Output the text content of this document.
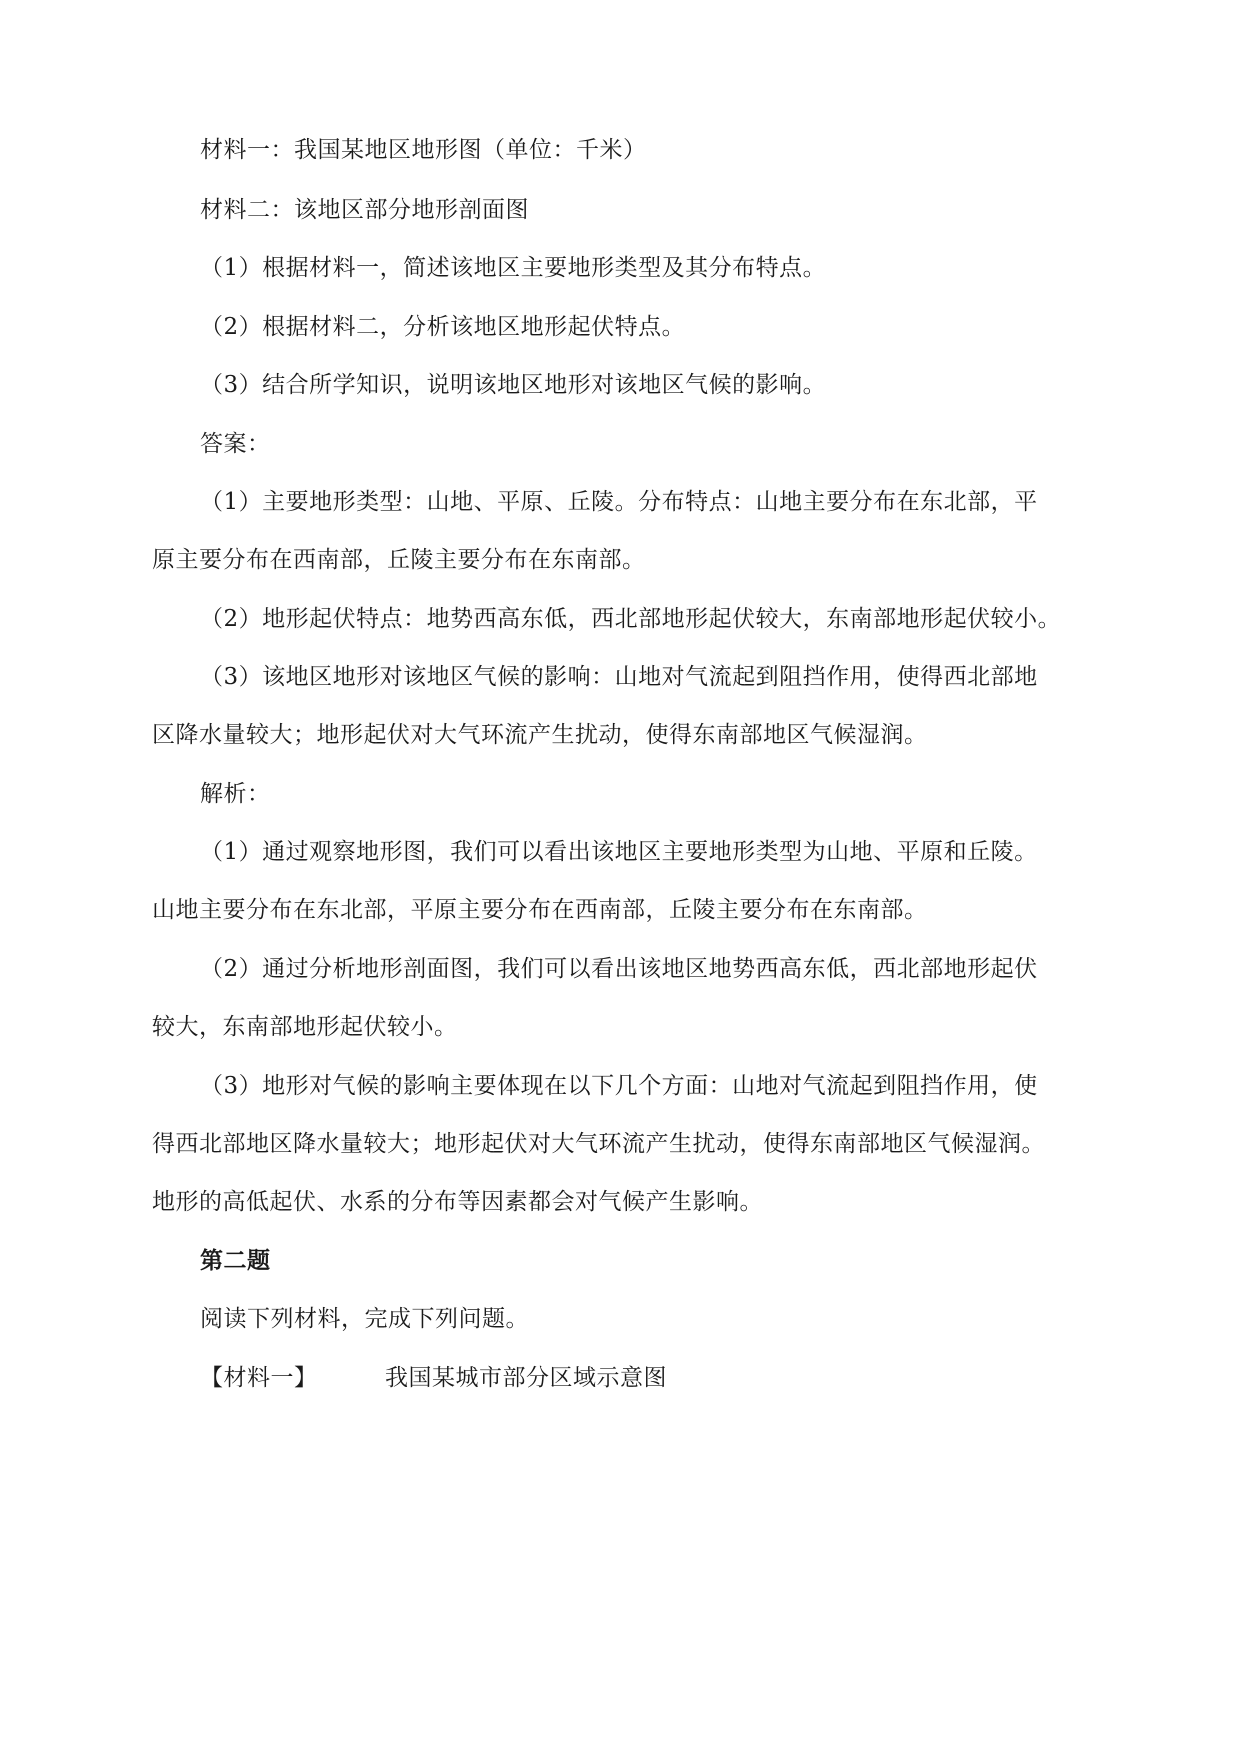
材料一：我国某地区地形图（单位：千米）
材料二：该地区部分地形剖面图
（1）根据材料一，简述该地区主要地形类型及其分布特点。
（2）根据材料二，分析该地区地形起伏特点。
（3）结合所学知识，说明该地区地形对该地区气候的影响。
答案：
（1）主要地形类型：山地、平原、丘陵。分布特点：山地主要分布在东北部，平
原主要分布在西南部，丘陵主要分布在东南部。
（2）地形起伏特点：地势西高东低，西北部地形起伏较大，东南部地形起伏较小。
（3）该地区地形对该地区气候的影响：山地对气流起到阻挡作用，使得西北部地
区降水量较大；地形起伏对大气环流产生扰动，使得东南部地区气候湿润。
解析：
（1）通过观察地形图，我们可以看出该地区主要地形类型为山地、平原和丘陵。
山地主要分布在东北部，平原主要分布在西南部，丘陵主要分布在东南部。
（2）通过分析地形剖面图，我们可以看出该地区地势西高东低，西北部地形起伏
较大，东南部地形起伏较小。
（3）地形对气候的影响主要体现在以下几个方面：山地对气流起到阻挡作用，使
得西北部地区降水量较大；地形起伏对大气环流产生扰动，使得东南部地区气候湿润。
地形的高低起伏、水系的分布等因素都会对气候产生影响。
第二题
阅读下列材料，完成下列问题。
【材料一】	我国某城市部分区域示意图
